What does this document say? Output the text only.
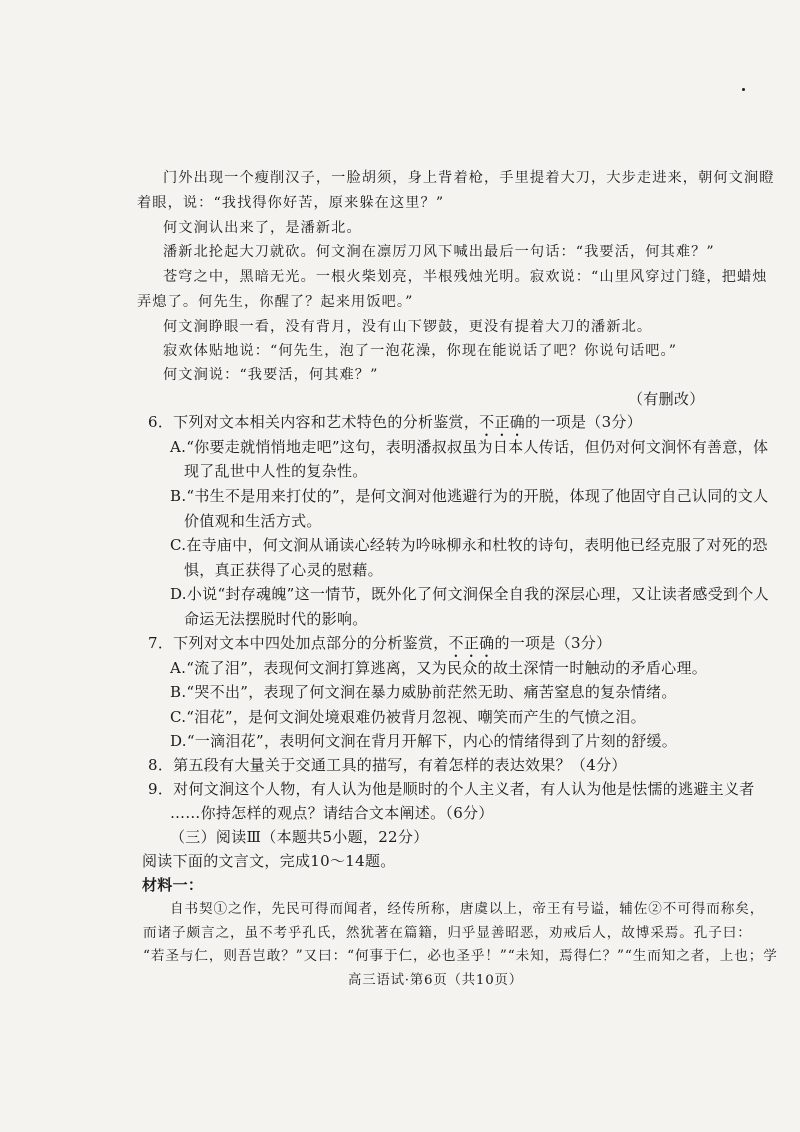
门外出现一个瘦削汉子，一脸胡须，身上背着枪，手里提着大刀，大步走进来，朝何文涧瞪
着眼，说：“我找得你好苦，原来躲在这里？”
何文涧认出来了，是潘新北。
潘新北抡起大刀就砍。何文涧在凛厉刀风下喊出最后一句话：“我要活，何其难？”
苍穹之中，黑暗无光。一根火柴划亮，半根残烛光明。寂欢说：“山里风穿过门缝，把蜡烛
弄熄了。何先生，你醒了？起来用饭吧。”
何文涧睁眼一看，没有背月，没有山下锣鼓，更没有提着大刀的潘新北。
寂欢体贴地说：“何先生，泡了一泡花澡，你现在能说话了吧？你说句话吧。”
何文涧说：“我要活，何其难？”
（有删改）
6．下列对文本相关内容和艺术特色的分析鉴赏，不正确的一项是（3分）
A.“你要走就悄悄地走吧”这句，表明潘叔叔虽为日本人传话，但仍对何文涧怀有善意，体
现了乱世中人性的复杂性。
B.“书生不是用来打仗的”，是何文涧对他逃避行为的开脱，体现了他固守自己认同的文人
价值观和生活方式。
C.在寺庙中，何文涧从诵读心经转为吟咏柳永和杜牧的诗句，表明他已经克服了对死的恐
惧，真正获得了心灵的慰藉。
D.小说“封存魂魄”这一情节，既外化了何文涧保全自我的深层心理，又让读者感受到个人
命运无法摆脱时代的影响。
7．下列对文本中四处加点部分的分析鉴赏，不正确的一项是（3分）
A.“流了泪”，表现何文涧打算逃离，又为民众的故土深情一时触动的矛盾心理。
B.“哭不出”，表现了何文涧在暴力威胁前茫然无助、痛苦窒息的复杂情绪。
C.“泪花”，是何文涧处境艰难仍被背月忽视、嘲笑而产生的气愤之泪。
D.“一滴泪花”，表明何文涧在背月开解下，内心的情绪得到了片刻的舒缓。
8．第五段有大量关于交通工具的描写，有着怎样的表达效果？（4分）
9．对何文涧这个人物，有人认为他是顺时的个人主义者，有人认为他是怯懦的逃避主义者
……你持怎样的观点？请结合文本阐述。（6分）
（三）阅读Ⅲ（本题共5小题，22分）
阅读下面的文言文，完成10～14题。
材料一：
自书契①之作，先民可得而闻者，经传所称，唐虞以上，帝王有号谥，辅佐②不可得而称矣，
而诸子颇言之，虽不考乎孔氏，然犹著在篇籍，归乎显善昭恶，劝戒后人，故博采焉。孔子曰：
“若圣与仁，则吾岂敢？”又曰：“何事于仁，必也圣乎！”“未知，焉得仁？”“生而知之者，上也；学
高三语试·第6页（共10页）
